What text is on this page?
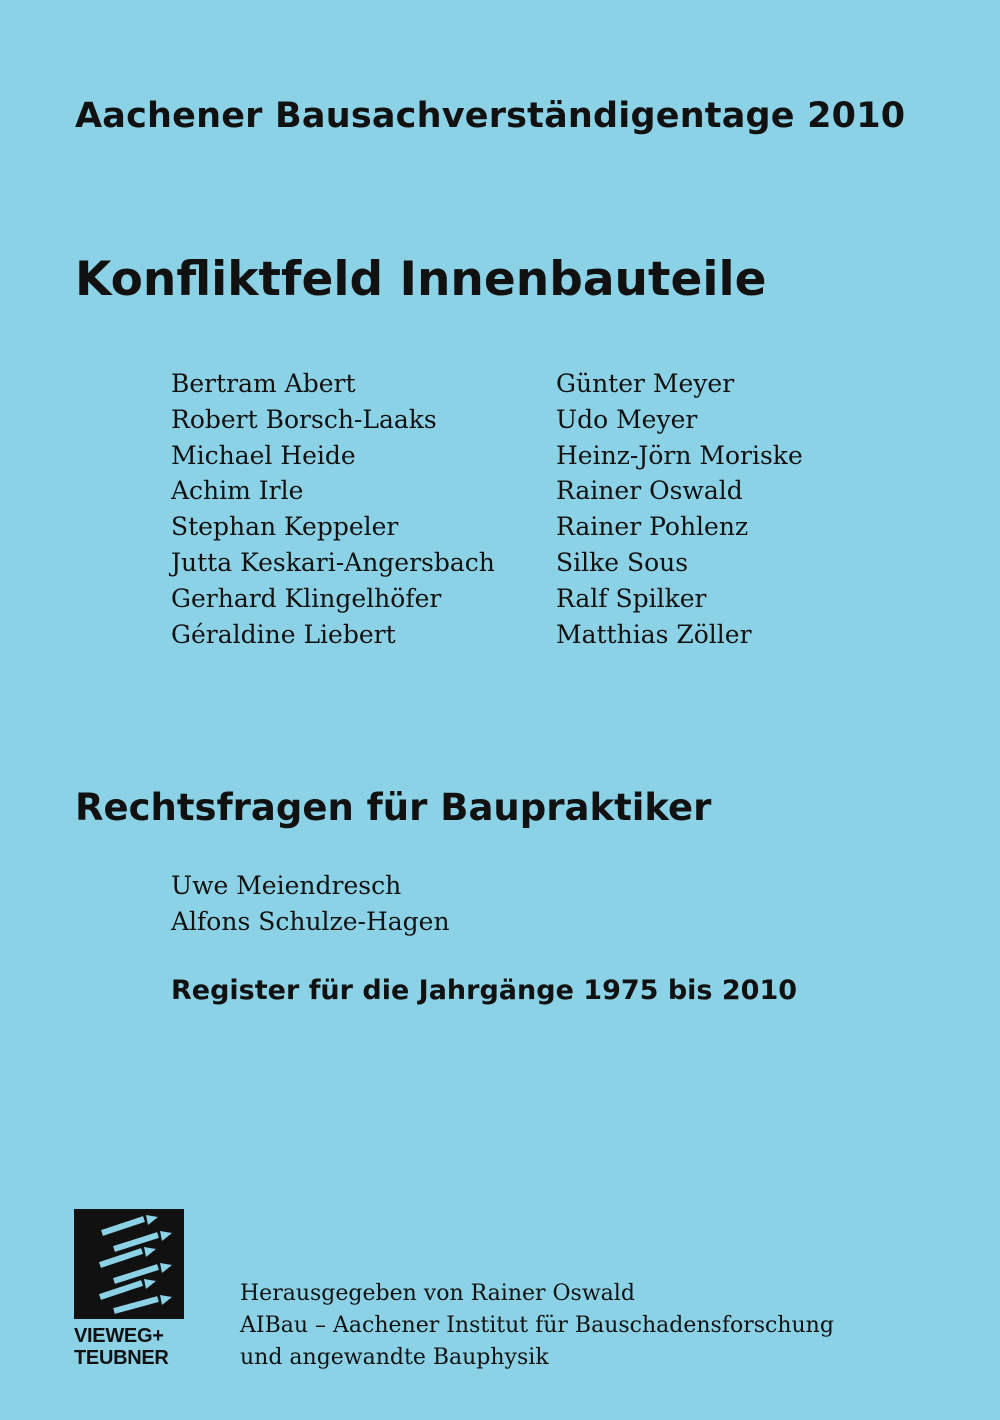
Aachener Bausachverständigentage 2010
Konfliktfeld Innenbauteile
Bertram Abert
Robert Borsch-Laaks
Michael Heide
Achim Irle
Stephan Keppeler
Jutta Keskari-Angersbach
Gerhard Klingelhöfer
Géraldine Liebert
Günter Meyer
Udo Meyer
Heinz-Jörn Moriske
Rainer Oswald
Rainer Pohlenz
Silke Sous
Ralf Spilker
Matthias Zöller
Rechtsfragen für Baupraktiker
Uwe Meiendresch
Alfons Schulze-Hagen
Register für die Jahrgänge 1975 bis 2010
VIEWEG+
TEUBNER
Herausgegeben von Rainer Oswald
AIBau – Aachener Institut für Bauschadensforschung
und angewandte Bauphysik
